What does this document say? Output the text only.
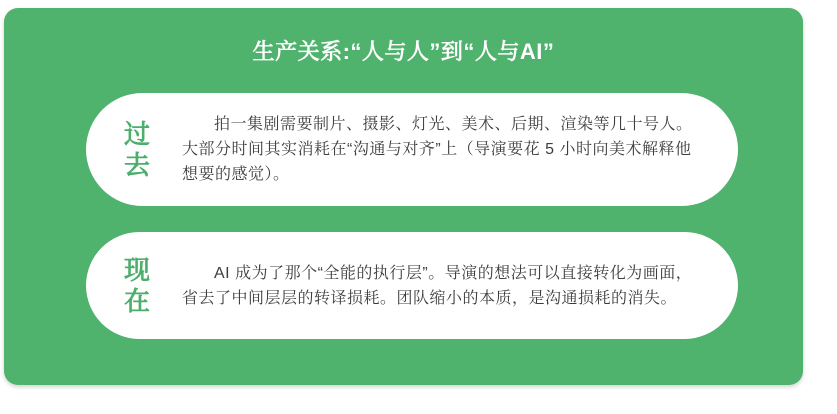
生产关系:“人与人”到“人与AI”
过去
拍一集剧需要制片、摄影、灯光、美术、后期、渲染等几十号人。大部分时间其实消耗在“沟通与对齐”上（导演要花 5 小时向美术解释他想要的感觉）。
现在
AI 成为了那个“全能的执行层”。导演的想法可以直接转化为画面，省去了中间层层的转译损耗。团队缩小的本质，是沟通损耗的消失。
